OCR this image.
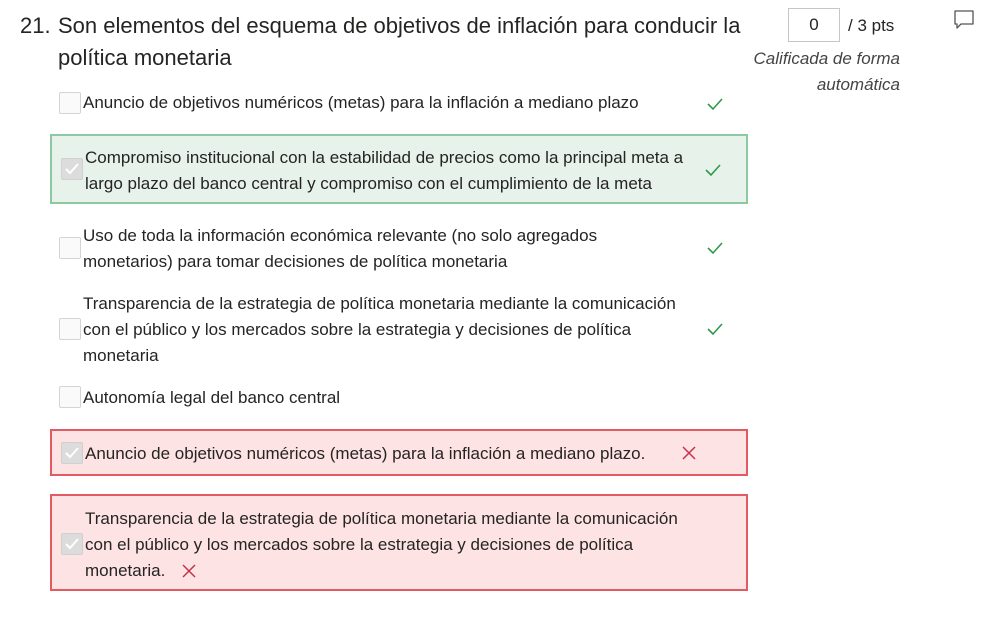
21. Son elementos del esquema de objetivos de inflación para conducir la política monetaria
0	/ 3 pts
Calificada de forma automática
Anuncio de objetivos numéricos (metas) para la inflación a mediano plazo
Compromiso institucional con la estabilidad de precios como la principal meta a largo plazo del banco central y compromiso con el cumplimiento de la meta
Uso de toda la información económica relevante (no solo agregados monetarios) para tomar decisiones de política monetaria
Transparencia de la estrategia de política monetaria mediante la comunicación con el público y los mercados sobre la estrategia y decisiones de política monetaria
Autonomía legal del banco central
Anuncio de objetivos numéricos (metas) para la inflación a mediano plazo.
Transparencia de la estrategia de política monetaria mediante la comunicación con el público y los mercados sobre la estrategia y decisiones de política monetaria.
